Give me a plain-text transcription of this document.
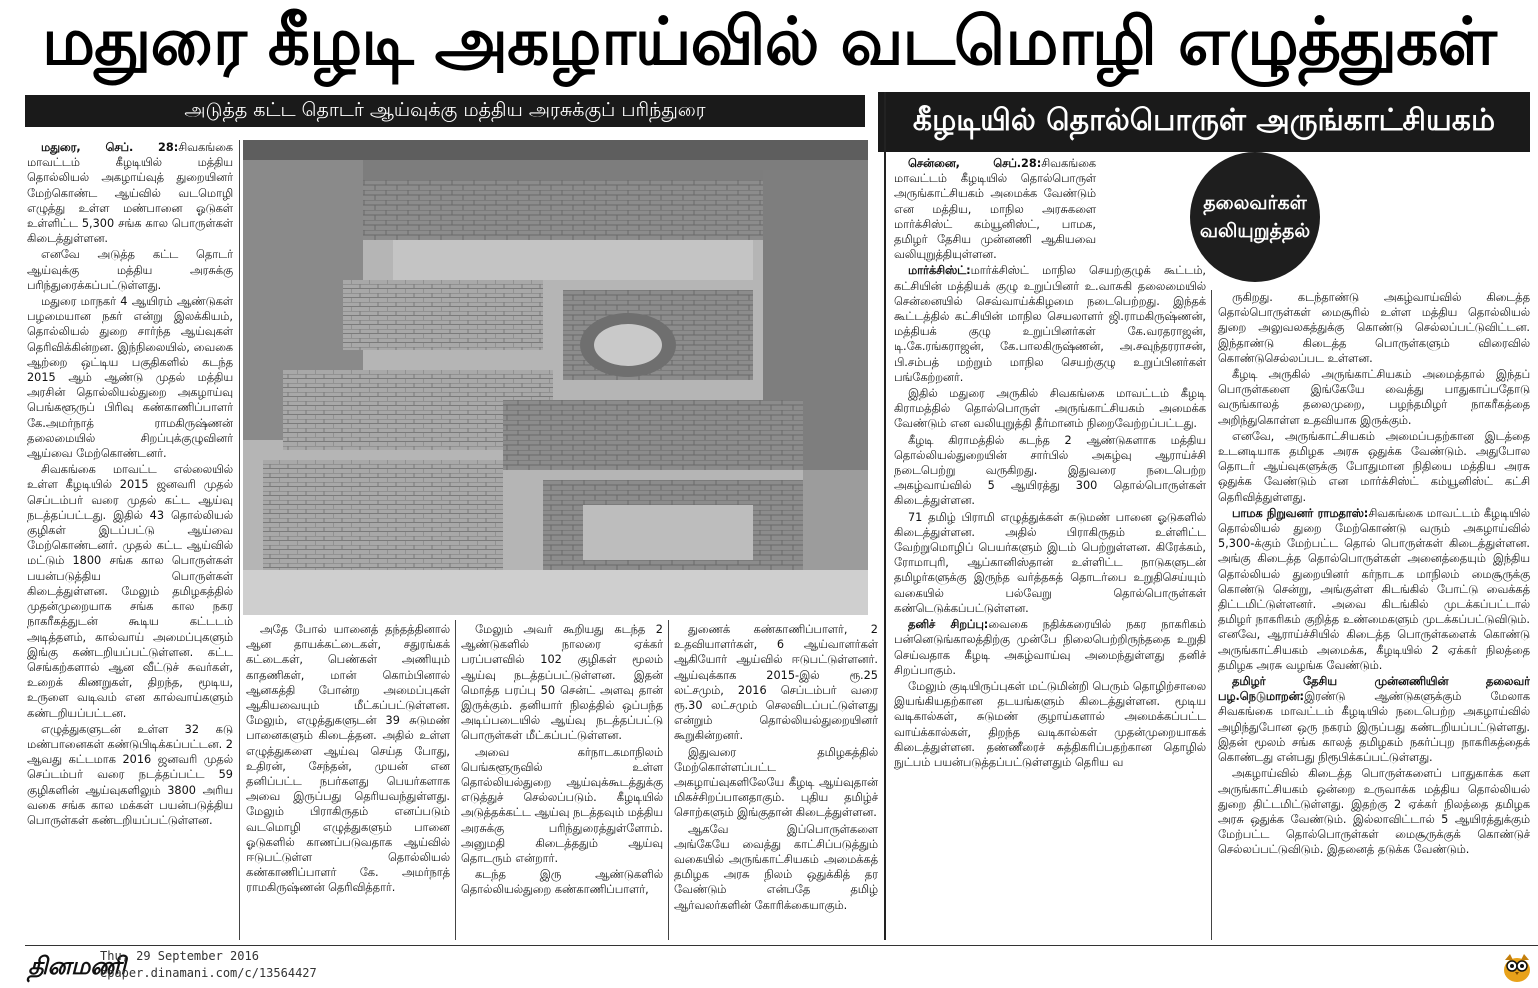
மதுரை கீழடி அகழாய்வில் வடமொழி எழுத்துகள்
அடுத்த கட்ட தொடர் ஆய்வுக்கு மத்திய அரசுக்குப் பரிந்துரை	கீழடியில் தொல்பொருள் அருங்காட்சியகம்

மதுரை, செப். 28:சிவகங்கை மாவட்டம் கீழடியில் மத்திய தொல்லியல் அகழாய்வுத் துறையினர் மேற்கொண்ட ஆய்வில் வடமொழி எழுத்து உள்ள மண்பானை ஓடுகள் உள்ளிட்ட 5,300 சங்க கால பொருள்கள் கிடைத்துள்ளன.

எனவே அடுத்த கட்ட தொடர் ஆய்வுக்கு மத்திய அரசுக்கு பரிந்துரைக்கப்பட்டுள்ளது.

மதுரை மாநகர் 4 ஆயிரம் ஆண்டுகள் பழமையான நகர் என்று இலக்கியம், தொல்லியல் துறை சார்ந்த ஆய்வுகள் தெரிவிக்கின்றன. இந்நிலையில், வைகை ஆற்றை ஒட்டிய பகுதிகளில் கடந்த 2015 ஆம் ஆண்டு முதல் மத்திய அரசின் தொல்லியல்துறை அகழாய்வு பெங்களூருப் பிரிவு கண்காணிப்பாளர் கே.அமர்நாத் ராமகிருஷ்ணன் தலைமையில் சிறப்புக்குழுவினர் ஆய்வை மேற்கொண்டனர்.

சிவகங்கை மாவட்ட எல்லையில் உள்ள கீழடியில் 2015 ஜனவரி முதல் செப்டம்பர் வரை முதல் கட்ட ஆய்வு நடத்தப்பட்டது. இதில் 43 தொல்லியல் குழிகள் இடப்பட்டு ஆய்வை மேற்கொண்டனர். முதல் கட்ட ஆய்வில் மட்டும் 1800 சங்க கால பொருள்கள் பயன்படுத்திய பொருள்கள் கிடைத்துள்ளன. மேலும் தமிழகத்தில் முதன்முறையாக சங்க கால நகர நாகரீகத்துடன் கூடிய கட்டடம் அடித்தளம், கால்வாய் அமைப்புகளும் இங்கு கண்டறியப்பட்டுள்ளன. கட்ட செங்கற்களால் ஆன வீட்டுச் சுவர்கள், உறைக் கிணறுகள், திறந்த, மூடிய, உருளை வடிவம் என கால்வாய்களும் கண்டறியப்பட்டன.

எழுத்துகளுடன் உள்ள 32 கடு மண்பானைகள் கண்டுபிடிக்கப்பட்டன. 2 ஆவது கட்டமாக 2016 ஜனவரி முதல் செப்டம்பர் வரை நடத்தப்பட்ட 59 குழிகளின் ஆய்வுகளிலும் 3800 அரிய வகை சங்க கால மக்கள் பயன்படுத்திய பொருள்கள் கண்டறியப்பட்டுள்ளன.

அதே போல் யானைத் தந்தத்தினால் ஆன தாயக்கட்டைகள், சதுரங்கக் கட்டைகள், பெண்கள் அணியும் காதணிகள், மான் கொம்பினால் ஆனகத்தி போன்ற அமைப்புகள் ஆகியவையும் மீட்கப்பட்டுள்ளன. மேலும், எழுத்துகளுடன் 39 சுடுமண் பானைகளும் கிடைத்தன. அதில் உள்ள எழுத்துகளை ஆய்வு செய்த போது, உதிரன், சேந்தன், முயன் என தனிப்பட்ட நபர்களது பெயர்களாக அவை இருப்பது தெரியவந்துள்ளது. மேலும் பிராகிருதம் எனப்படும் வடமொழி எழுத்துகளும் பானை ஓடுகளில் காணப்படுவதாக ஆய்வில் ஈடுபட்டுள்ள தொல்லியல் கண்காணிப்பாளர் கே. அமர்நாத் ராமகிருஷ்ணன் தெரிவித்தார்.

மேலும் அவர் கூறியது கடந்த 2 ஆண்டுகளில் நாலரை ஏக்கர் பரப்பளவில் 102 குழிகள் மூலம் ஆய்வு நடத்தப்பட்டுள்ளன. இதன் மொத்த பரப்பு 50 சென்ட் அளவு தான் இருக்கும். தனியார் நிலத்தில் ஒப்பந்த அடிப்படையில் ஆய்வு நடத்தப்பட்டு பொருள்கள் மீட்கப்பட்டுள்ளன.

அவை கர்நாடகமாநிலம் பெங்களூருவில் உள்ள தொல்லியல்துறை ஆய்வுக்கூடத்துக்கு எடுத்துச் செல்லப்படும். கீழடியில் அடுத்தக்கட்ட ஆய்வு நடத்தவும் மத்திய அரசுக்கு பரிந்துரைத்துள்ளோம். அனுமதி கிடைத்ததும் ஆய்வு தொடரும் என்றார்.

கடந்த இரு ஆண்டுகளில் தொல்லியல்துறை கண்காணிப்பாளர்,

துணைக் கண்காணிப்பாளர், 2 உதவியாளர்கள், 6 ஆய்வாளர்கள் ஆகியோர் ஆய்வில் ஈடுபட்டுள்ளனர். ஆய்வுக்காக 2015-இல் ரூ.25 லட்சமும், 2016 செப்டம்பர் வரை ரூ.30 லட்சமும் செலவிடப்பட்டுள்ளது என்றும் தொல்லியல்துறையினர் கூறுகின்றனர்.

இதுவரை தமிழகத்தில் மேற்கொள்ளப்பட்ட அகழாய்வுகளிலேயே கீழடி ஆய்வுதான் மிகச்சிறப்பானதாகும். புதிய தமிழ்ச் சொற்களும் இங்குதான் கிடைத்துள்ளன.

ஆகவே இப்பொருள்களை அங்கேயே வைத்து காட்சிப்படுத்தும் வகையில் அருங்காட்சியகம் அமைக்கத் தமிழக அரசு நிலம் ஒதுக்கித் தர வேண்டும் என்பதே தமிழ் ஆர்வலர்களின் கோரிக்கையாகும்.

தலைவர்கள்
வலியுறுத்தல்

சென்னை, செப்.28:சிவகங்கை மாவட்டம் கீழடியில் தொல்பொருள் அருங்காட்சியகம் அமைக்க வேண்டும் என மத்திய, மாநில அரசுகளை மார்க்சிஸ்ட் கம்யூனிஸ்ட், பாமக, தமிழர் தேசிய முன்னணி ஆகியவை வலியுறுத்தியுள்ளன.

மார்க்சிஸ்ட்:மார்க்சிஸ்ட் மாநில செயற்குழுக் கூட்டம், கட்சியின் மத்தியக் குழு உறுப்பினர் உ.வாசுகி தலைமையில் சென்னையில் செவ்வாய்க்கிழமை நடைபெற்றது. இந்தக் கூட்டத்தில் கட்சியின் மாநில செயலாளர் ஜி.ராமகிருஷ்ணன், மத்தியக் குழு உறுப்பினர்கள் கே.வரதராஜன், டி.கே.ரங்கராஜன், கே.பாலகிருஷ்ணன், அ.சவுந்தரராசன், பி.சம்பத் மற்றும் மாநில செயற்குழு உறுப்பினர்கள் பங்கேற்றனர்.

இதில் மதுரை அருகில் சிவகங்கை மாவட்டம் கீழடி கிராமத்தில் தொல்பொருள் அருங்காட்சியகம் அமைக்க வேண்டும் என வலியுறுத்தி தீர்மானம் நிறைவேற்றப்பட்டது.

கீழடி கிராமத்தில் கடந்த 2 ஆண்டுகளாக மத்திய தொல்லியல்துறையின் சார்பில் அகழ்வு ஆராய்ச்சி நடைபெற்று வருகிறது. இதுவரை நடைபெற்ற அகழ்வாய்வில் 5 ஆயிரத்து 300 தொல்பொருள்கள் கிடைத்துள்ளன.

71 தமிழ் பிராமி எழுத்துக்கள் சுடுமண் பானை ஓடுகளில் கிடைத்துள்ளன. அதில் பிராகிருதம் உள்ளிட்ட வேற்றுமொழிப் பெயர்களும் இடம் பெற்றுள்ளன. கிரேக்கம், ரோமாபுரி, ஆப்கானிஸ்தான் உள்ளிட்ட நாடுகளுடன் தமிழர்களுக்கு இருந்த வர்த்தகத் தொடர்பை உறுதிசெய்யும் வகையில் பல்வேறு தொல்பொருள்கள் கண்டெடுக்கப்பட்டுள்ளன.

தனிச் சிறப்பு:வைகை நதிக்கரையில் நகர நாகரிகம் பன்னெடுங்காலத்திற்கு முன்பே நிலைபெற்றிருந்ததை உறுதி செய்வதாக கீழடி அகழ்வாய்வு அமைந்துள்ளது தனிச் சிறப்பாகும்.

மேலும் குடியிருப்புகள் மட்டுமின்றி பெரும் தொழிற்சாலை இயங்கியதற்கான தடயங்களும் கிடைத்துள்ளன. மூடிய வடிகால்கள், சுடுமண் குழாய்களால் அமைக்கப்பட்ட வாய்க்கால்கள், திறந்த வடிகால்கள் முதன்முறையாகக் கிடைத்துள்ளன. தண்ணீரைச் சுத்திகரிப்பதற்கான தொழில் நுட்பம் பயன்படுத்தப்பட்டுள்ளதும் தெரிய வ

ருகிறது. கடந்தாண்டு அகழ்வாய்வில் கிடைத்த தொல்பொருள்கள் மைசூரில் உள்ள மத்திய தொல்லியல் துறை அலுவலகத்துக்கு கொண்டு செல்லப்பட்டுவிட்டன. இந்தாண்டு கிடைத்த பொருள்களும் விரைவில் கொண்டுசெல்லப்பட உள்ளன.

கீழடி அருகில் அருங்காட்சியகம் அமைத்தால் இந்தப் பொருள்களை இங்கேயே வைத்து பாதுகாப்பதோடு வருங்காலத் தலைமுறை, பழந்தமிழர் நாகரீகத்தை அறிந்துகொள்ள உதவியாக இருக்கும்.

எனவே, அருங்காட்சியகம் அமைப்பதற்கான இடத்தை உடனடியாக தமிழக அரசு ஒதுக்க வேண்டும். அதுபோல தொடர் ஆய்வுகளுக்கு போதுமான நிதியை மத்திய அரசு ஒதுக்க வேண்டும் என மார்க்சிஸ்ட் கம்யூனிஸ்ட் கட்சி தெரிவித்துள்ளது.

பாமக நிறுவனர் ராமதாஸ்:சிவகங்கை மாவட்டம் கீழடியில் தொல்லியல் துறை மேற்கொண்டு வரும் அகழாய்வில் 5,300-க்கும் மேற்பட்ட தொல் பொருள்கள் கிடைத்துள்ளன. அங்கு கிடைத்த தொல்பொருள்கள் அனைத்தையும் இந்திய தொல்லியல் துறையினர் கர்நாடக மாநிலம் மைசூருக்கு கொண்டு சென்று, அங்குள்ள கிடங்கில் போட்டு வைக்கத் திட்டமிட்டுள்ளனர். அவை கிடங்கில் முடக்கப்பட்டால் தமிழர் நாகரிகம் குறித்த உண்மைகளும் முடக்கப்பட்டுவிடும். எனவே, ஆராய்ச்சியில் கிடைத்த பொருள்களைக் கொண்டு அருங்காட்சியகம் அமைக்க, கீழடியில் 2 ஏக்கர் நிலத்தை தமிழக அரசு வழங்க வேண்டும்.

தமிழர் தேசிய முன்னணியின் தலைவர் பழ.நெடுமாறன்:இரண்டு ஆண்டுகளுக்கும் மேலாக சிவகங்கை மாவட்டம் கீழடியில் நடைபெற்ற அகழாய்வில் அழிந்துபோன ஒரு நகரம் இருப்பது கண்டறியப்பட்டுள்ளது. இதன் மூலம் சங்க காலத் தமிழகம் நகர்ப்புற நாகரிகத்தைக் கொண்டது என்பது நிரூபிக்கப்பட்டுள்ளது.

அகழாய்வில் கிடைத்த பொருள்களைப் பாதுகாக்க கள அருங்காட்சியகம் ஒன்றை உருவாக்க மத்திய தொல்லியல் துறை திட்டமிட்டுள்ளது. இதற்கு 2 ஏக்கர் நிலத்தை தமிழக அரசு ஒதுக்க வேண்டும். இல்லாவிட்டால் 5 ஆயிரத்துக்கும் மேற்பட்ட தொல்பொருள்கள் மைசூருக்குக் கொண்டுச் செல்லப்பட்டுவிடும். இதனைத் தடுக்க வேண்டும்.

தினமணி
Thu, 29 September 2016
epaper.dinamani.com/c/13564427
